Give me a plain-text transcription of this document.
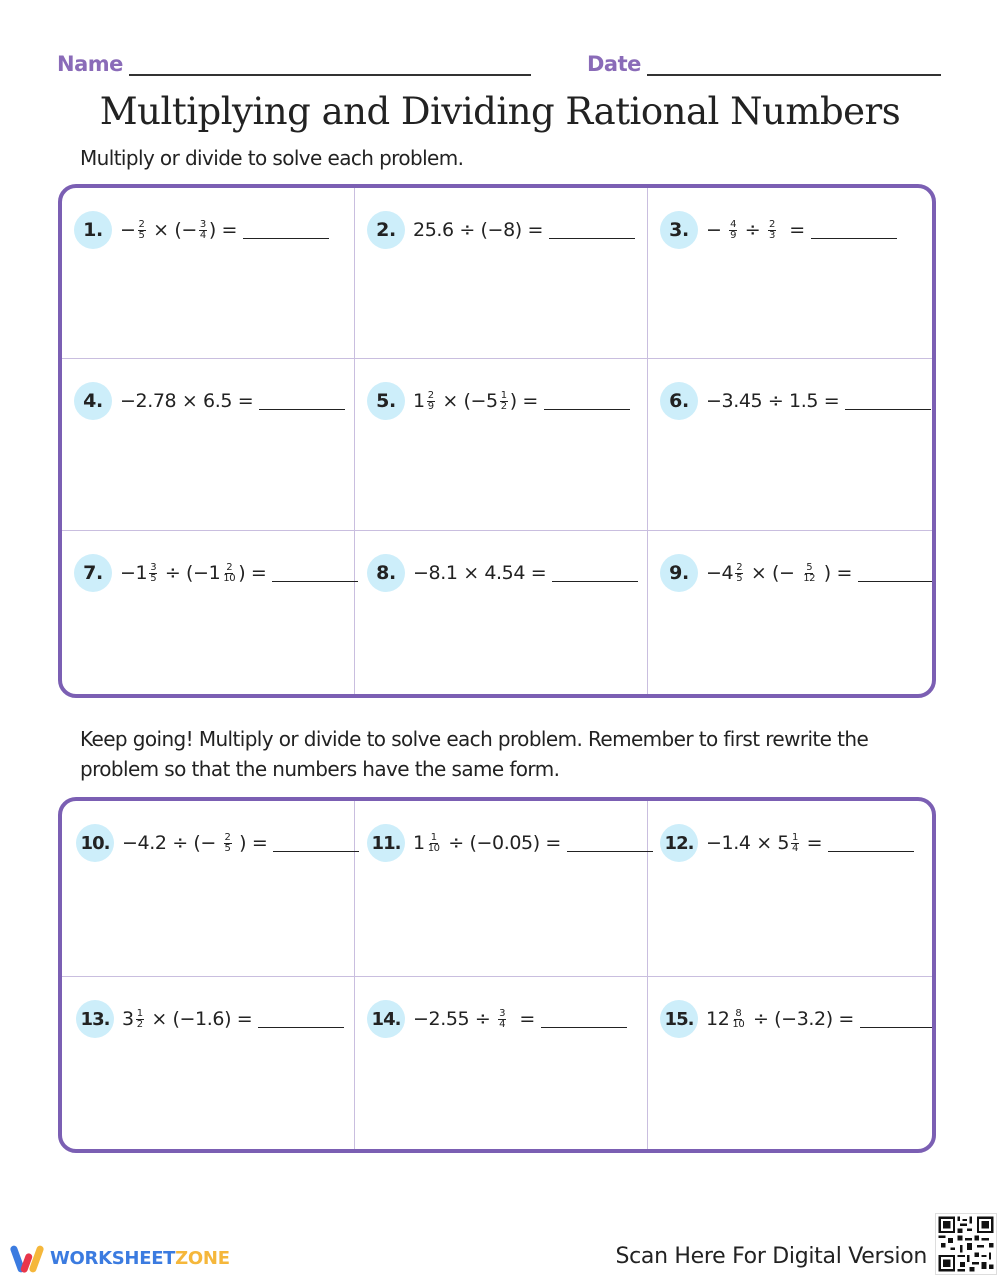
Name	Date
Multiplying and Dividing Rational Numbers
Multiply or divide to solve each problem.
1. − $\frac{2}{5}$
×
( − $\frac{3}{4}$ )
=	2. 25.6 ÷
( − 8 )
=	3. −
$\frac{4}{9}$
÷
$\frac{2}{3}$
=
4. − 2.78 × 6.5 =	5. $1 \frac{2}{9}$
×
( − $5 \frac{1}{2}$ )
=	6. − 3.45 ÷ 1.5 =
7. − $1 \frac{3}{5}$
÷
( − $1 \frac{2}{10}$ )
=	8. − 8.1 × 4.54 =	9. − $4 \frac{2}{5}$
×
( −
$\frac{5}{12}$
)
=
Keep going! Multiply or divide to solve each problem. Remember to first rewrite the problem so that the numbers have the same form.
10. − 4.2 ÷
( −
$\frac{2}{5}$
)
=	11. $1 \frac{1}{10}$
÷
( − 0.05 )
=	12. − $1.4 \times 5 \frac{1}{4}$
=
13. $3 \frac{1}{2}$
×
( − 1.6 )
=	14. − 2.55 ÷
$\frac{3}{4}$
=	15. $12 \frac{8}{10}$
÷
( − 3.2 )
=
WORKSHEETZONE	Scan Here For Digital Version
